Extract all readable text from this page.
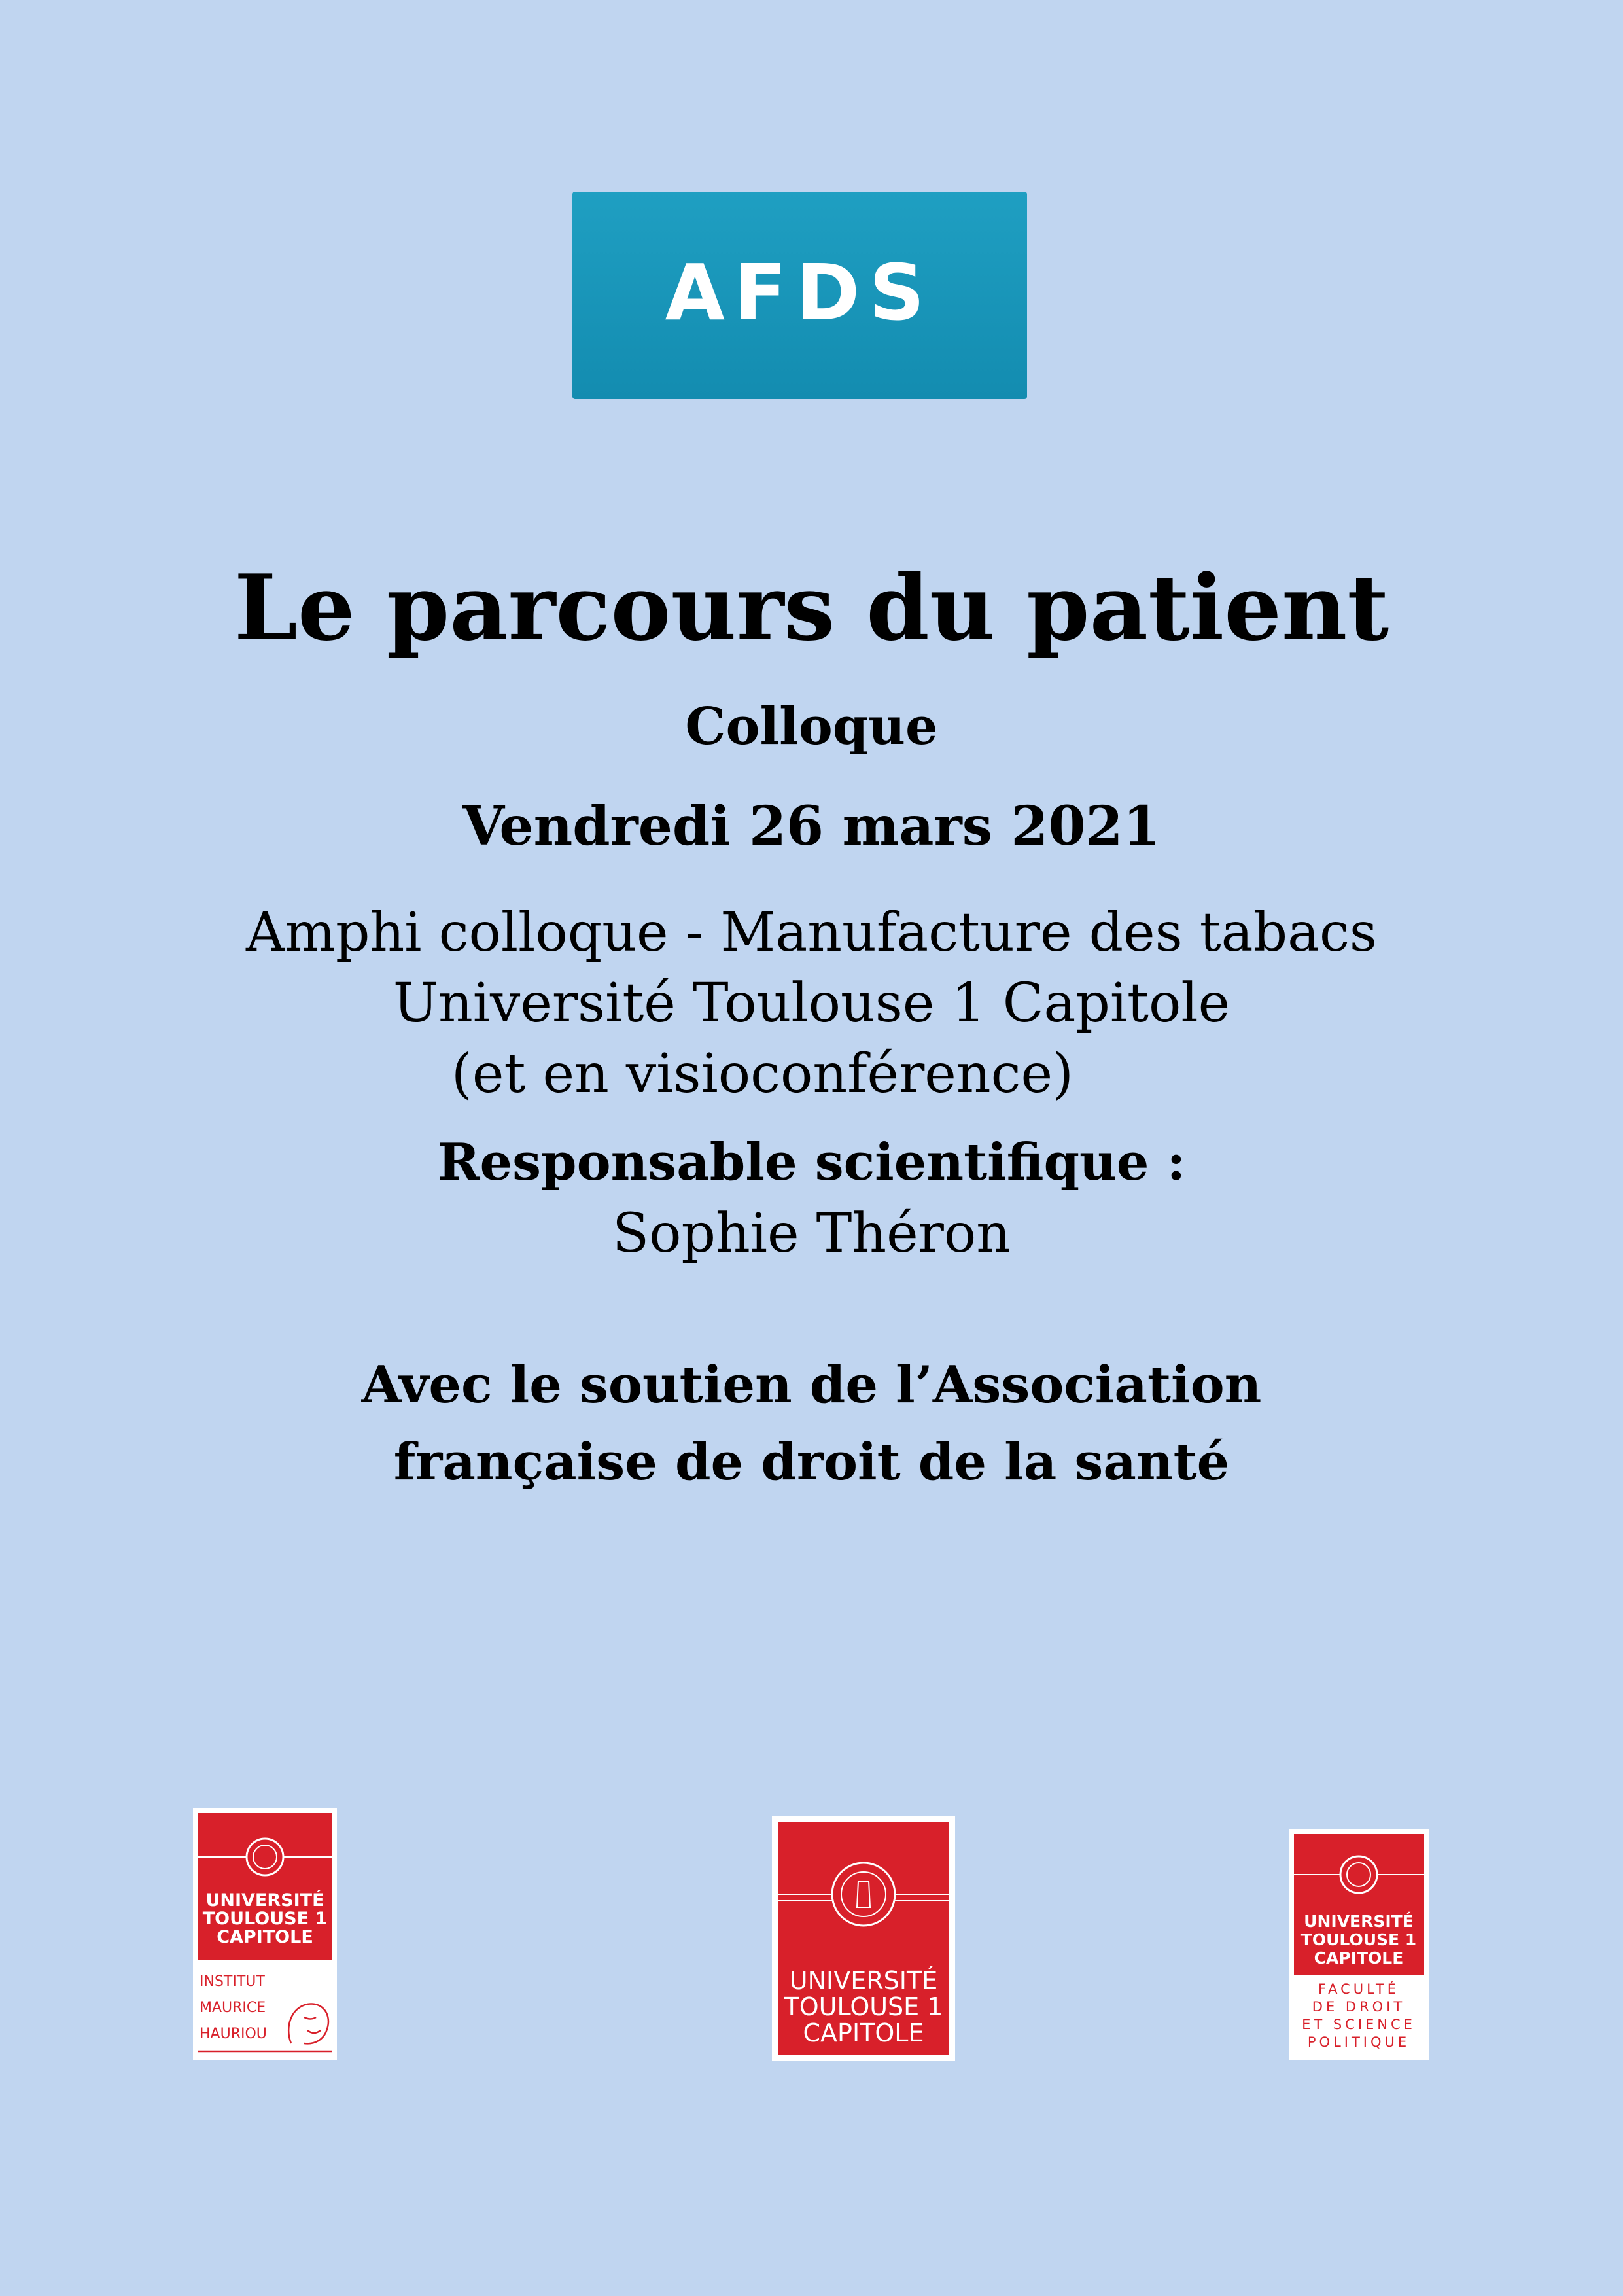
AFDS
Le parcours du patient
Colloque
Vendredi 26 mars 2021
Amphi colloque - Manufacture des tabacs
Université Toulouse 1 Capitole
(et en visioconférence)
Responsable scientifique :
Sophie Théron
Avec le soutien de l’Association
française de droit de la santé
UNIVERSITÉ
TOULOUSE 1
CAPITOLE
INSTITUT
MAURICE
HAURIOU
UNIVERSITÉ
TOULOUSE 1
CAPITOLE
UNIVERSITÉ
TOULOUSE 1
CAPITOLE
FACULTÉ
DE DROIT
ET SCIENCE
POLITIQUE
